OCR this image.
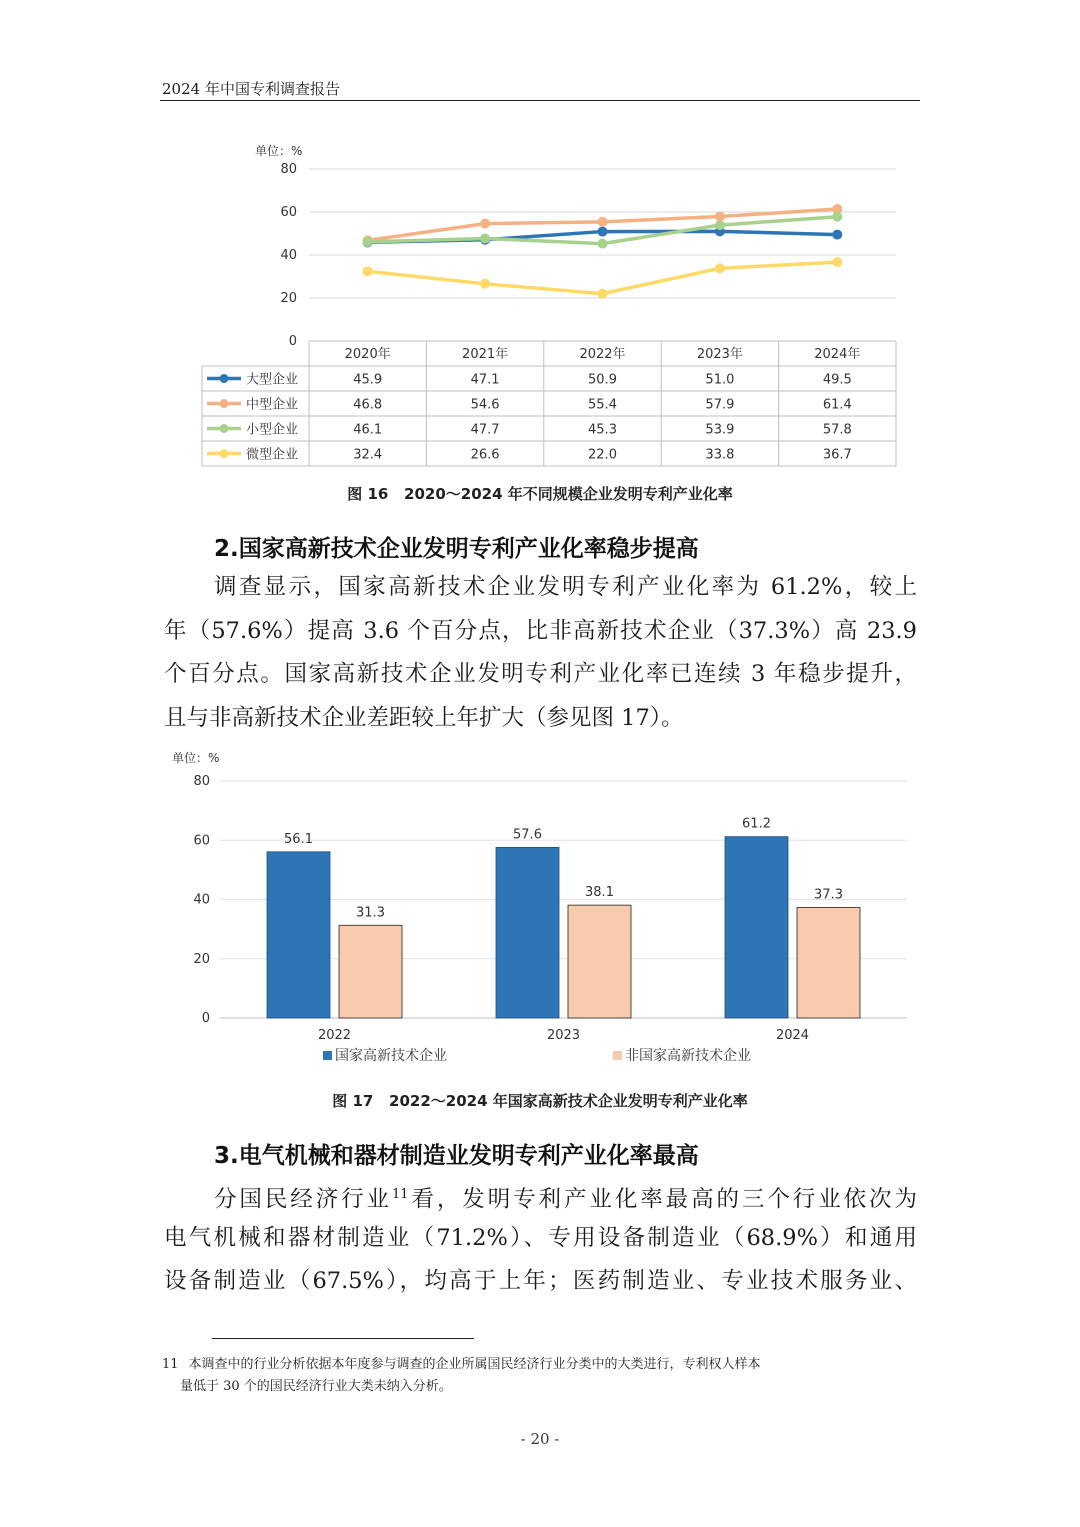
2024 年中国专利调查报告
单位：%
0
20
40
60
80
2020年	2021年	2022年	2023年	2024年
大型企业	45.9	47.1	50.9	51.0	49.5
中型企业	46.8	54.6	55.4	57.9	61.4
小型企业	46.1	47.7	45.3	53.9	57.8
微型企业	32.4	26.6	22.0	33.8	36.7
图 16   2020～2024 年不同规模企业发明专利产业化率
2.国家高新技术企业发明专利产业化率稳步提高
调查显示，国家高新技术企业发明专利产业化率为 61.2%，较上
年（57.6%）提高 3.6 个百分点，比非高新技术企业（37.3%）高 23.9
个百分点。国家高新技术企业发明专利产业化率已连续 3 年稳步提升，
且与非高新技术企业差距较上年扩大（参见图 17）。
单位：%
0
20
40
60
80
56.1
31.3
57.6
38.1
61.2
37.3
2022	2023	2024
国家高新技术企业	非国家高新技术企业
图 17   2022～2024 年国家高新技术企业发明专利产业化率
3.电气机械和器材制造业发明专利产业化率最高
分国民经济行业$^{11}$看，发明专利产业化率最高的三个行业依次为
电气机械和器材制造业（71.2%）、专用设备制造业（68.9%）和通用
设备制造业（67.5%），均高于上年；医药制造业、专业技术服务业、
11 本调查中的行业分析依据本年度参与调查的企业所属国民经济行业分类中的大类进行，专利权人样本
量低于 30 个的国民经济行业大类未纳入分析。
- 20 -
